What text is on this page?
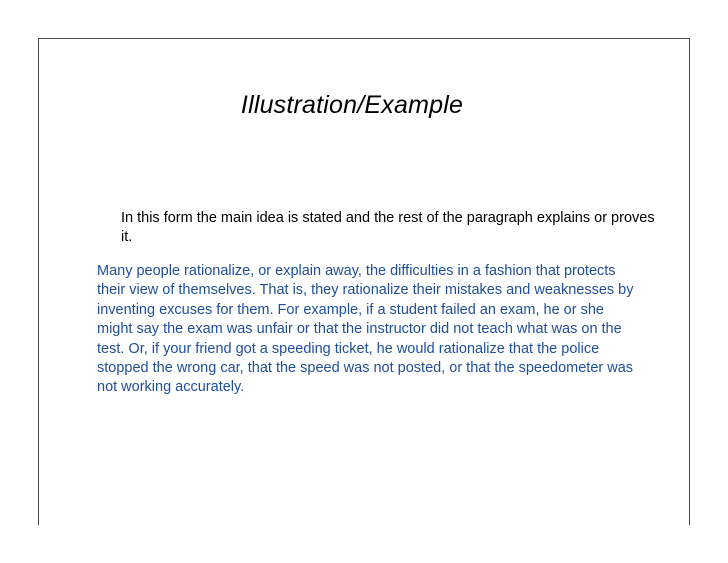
Illustration/Example

In this form the main idea is stated and the rest of the paragraph explains or proves it.

Many people rationalize, or explain away, the difficulties in a fashion that protects their view of themselves. That is, they rationalize their mistakes and weaknesses by inventing excuses for them. For example, if a student failed an exam, he or she might say the exam was unfair or that the instructor did not teach what was on the test. Or, if your friend got a speeding ticket, he would rationalize that the police stopped the wrong car, that the speed was not posted, or that the speedometer was not working accurately.
